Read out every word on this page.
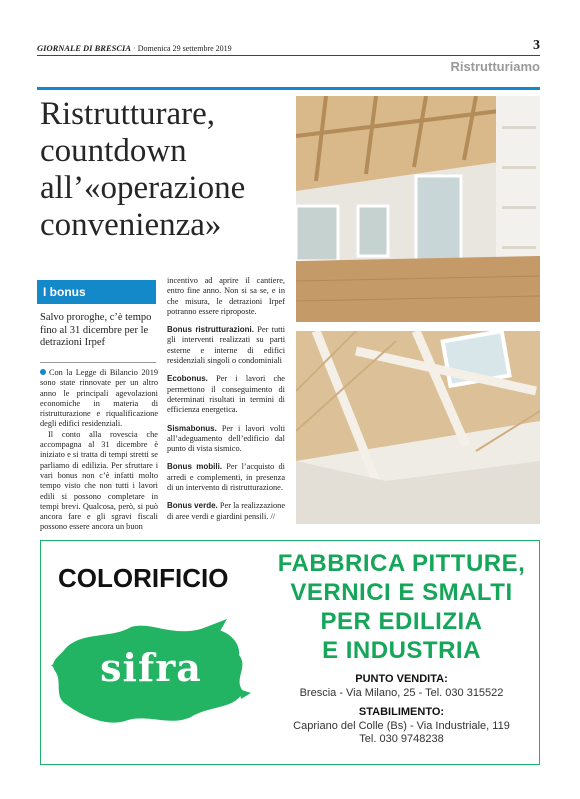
GIORNALE DI BRESCIA · Domenica 29 settembre 2019	3
Ristrutturiamo
Ristrutturare, countdown all’«operazione convenienza»
I bonus
Salvo proroghe, c’è tempo fino al 31 dicembre per le detrazioni Irpef

Con la Legge di Bilancio 2019 sono state rinnovate per un altro anno le principali agevolazioni economiche in materia di ristrutturazione e riqualificazione degli edifici residenziali.

Il conto alla rovescia che accompagna al 31 dicembre è iniziato e si tratta di tempi stretti se parliamo di edilizia. Per sfruttare i vari bonus non c’è infatti molto tempo visto che non tutti i lavori edili si possono completare in tempi brevi. Qualcosa, però, si può ancora fare e gli sgravi fiscali possono essere ancora un buon

incentivo ad aprire il cantiere, entro fine anno. Non si sa se, e in che misura, le detrazioni Irpef potranno essere riproposte.

Bonus ristrutturazioni. Per tutti gli interventi realizzati su parti esterne e interne di edifici residenziali singoli o condominiali

Ecobonus. Per i lavori che permettono il conseguimento di determinati risultati in termini di efficienza energetica.

Sismabonus. Per i lavori volti all’adeguamento dell’edificio dal punto di vista sismico.

Bonus mobili. Per l’acquisto di arredi e complementi, in presenza di un intervento di ristrutturazione.

Bonus verde. Per la realizzazione di aree verdi e giardini pensili. //

COLORIFICIO
sifra
FABBRICA PITTURE,
VERNICI E SMALTI
PER EDILIZIA
E INDUSTRIA
PUNTO VENDITA:
Brescia - Via Milano, 25 - Tel. 030 315522
STABILIMENTO:
Capriano del Colle (Bs) - Via Industriale, 119
Tel. 030 9748238
